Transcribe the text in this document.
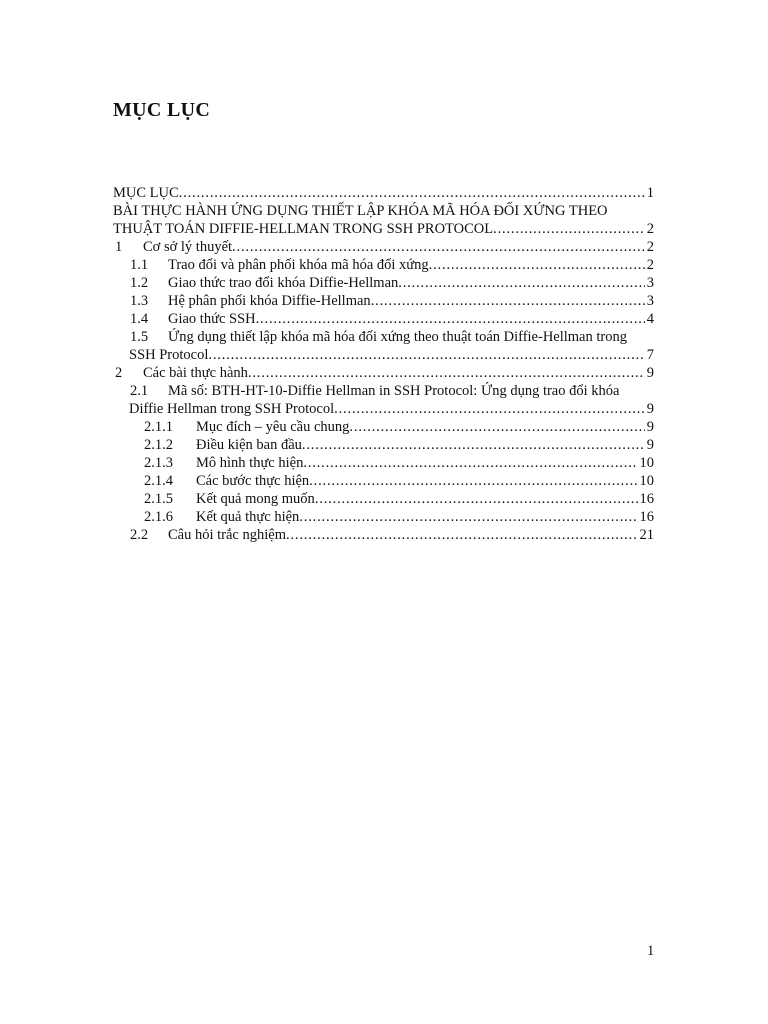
MỤC LỤC
MỤC LỤC . . .	1
BÀI THỰC HÀNH ỨNG DỤNG THIẾT LẬP KHÓA MÃ HÓA ĐỐI XỨNG THEO
THUẬT TOÁN DIFFIE-HELLMAN TRONG SSH PROTOCOL . . .	2
1 Cơ sở lý thuyết . . .	2
1.1 Trao đổi và phân phối khóa mã hóa đối xứng . . .	2
1.2 Giao thức trao đổi khóa Diffie-Hellman . . .	3
1.3 Hệ phân phối khóa Diffie-Hellman . . .	3
1.4 Giao thức SSH . . .	4
1.5 Ứng dụng thiết lập khóa mã hóa đối xứng theo thuật toán Diffie-Hellman trong
SSH Protocol . . .	7
2 Các bài thực hành . . .	9
2.1 Mã số: BTH-HT-10-Diffie Hellman in SSH Protocol: Ứng dụng trao đổi khóa
Diffie Hellman trong SSH Protocol . . .	9
2.1.1 Mục đích – yêu cầu chung . . .	9
2.1.2 Điều kiện ban đầu . . .	9
2.1.3 Mô hình thực hiện . . .	10
2.1.4 Các bước thực hiện . . .	10
2.1.5 Kết quả mong muốn . . .	16
2.1.6 Kết quả thực hiện . . .	16
2.2 Câu hỏi trắc nghiệm . . .	21
1
